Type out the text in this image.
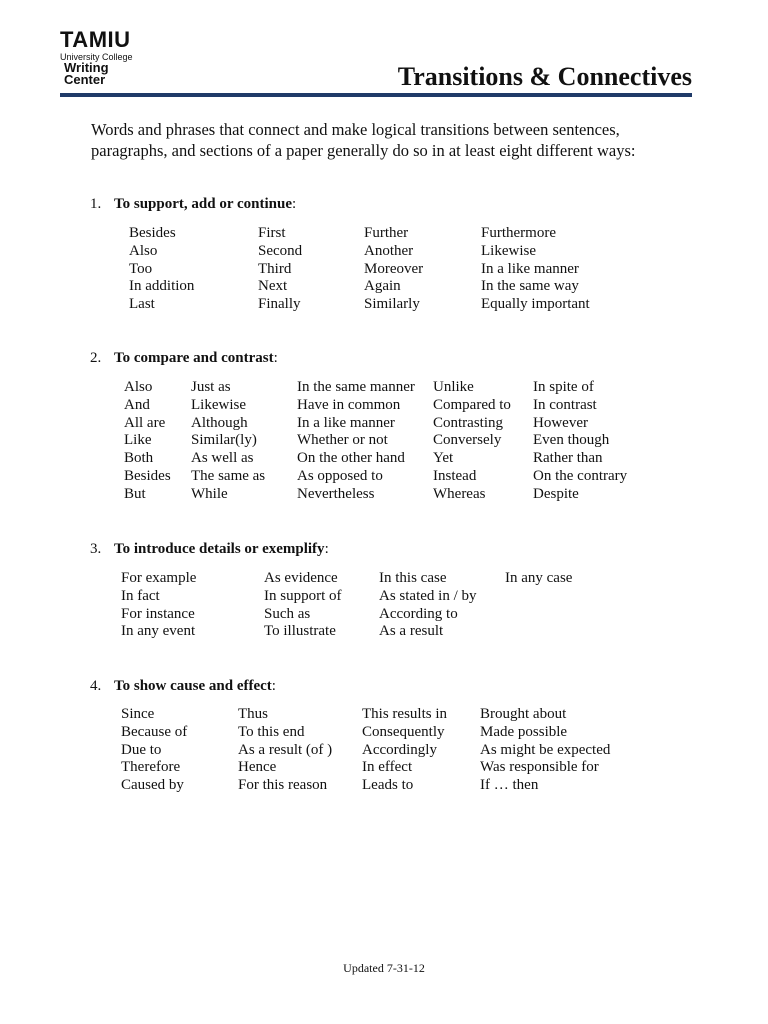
TAMIU
University College
Writing
Center	Transitions & Connectives

Words and phrases that connect and make logical transitions between sentences, paragraphs, and sections of a paper generally do so in at least eight different ways:

1. To support, add or continue:
Besides	First	Further	Furthermore
Also	Second	Another	Likewise
Too	Third	Moreover	In a like manner
In addition	Next	Again	In the same way
Last	Finally	Similarly	Equally important
2. To compare and contrast:
Also	Just as	In the same manner	Unlike	In spite of
And	Likewise	Have in common	Compared to	In contrast
All are	Although	In a like manner	Contrasting	However
Like	Similar(ly)	Whether or not	Conversely	Even though
Both	As well as	On the other hand	Yet	Rather than
Besides	The same as	As opposed to	Instead	On the contrary
But	While	Nevertheless	Whereas	Despite
3. To introduce details or exemplify:
For example	As evidence	In this case	In any case
In fact	In support of	As stated in / by
For instance	Such as	According to
In any event	To illustrate	As a result
4. To show cause and effect:
Since	Thus	This results in	Brought about
Because of	To this end	Consequently	Made possible
Due to	As a result (of )	Accordingly	As might be expected
Therefore	Hence	In effect	Was responsible for
Caused by	For this reason	Leads to	If … then
Updated 7-31-12
